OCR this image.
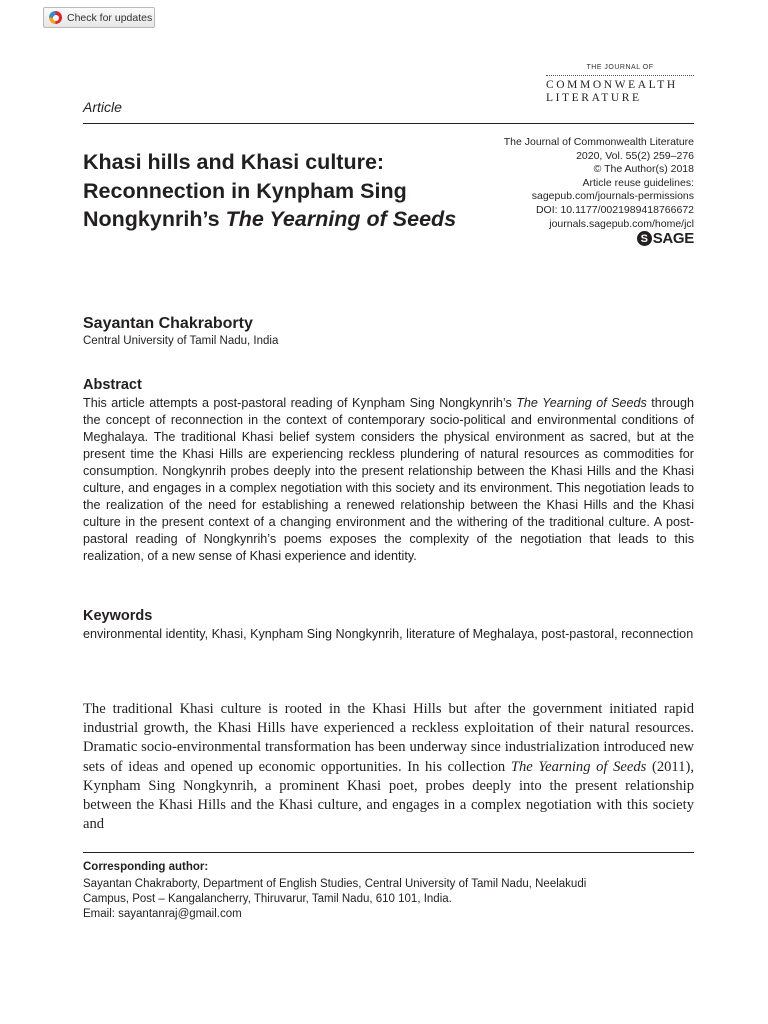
Check for updates
THE JOURNAL OF
COMMONWEALTH
LITERATURE
Article
The Journal of Commonwealth Literature
2020, Vol. 55(2) 259–276
© The Author(s) 2018
Article reuse guidelines:
sagepub.com/journals-permissions
DOI: 10.1177/0021989418766672
journals.sagepub.com/home/jcl
S SAGE
Khasi hills and Khasi culture: Reconnection in Kynpham Sing Nongkynrih’s The Yearning of Seeds
Sayantan Chakraborty
Central University of Tamil Nadu, India
Abstract

This article attempts a post-pastoral reading of Kynpham Sing Nongkynrih’s The Yearning of Seeds through the concept of reconnection in the context of contemporary socio-political and environmental conditions of Meghalaya. The traditional Khasi belief system considers the physical environment as sacred, but at the present time the Khasi Hills are experiencing reckless plundering of natural resources as commodities for consumption. Nongkynrih probes deeply into the present relationship between the Khasi Hills and the Khasi culture, and engages in a complex negotiation with this society and its environment. This negotiation leads to the realization of the need for establishing a renewed relationship between the Khasi Hills and the Khasi culture in the present context of a changing environment and the withering of the traditional culture. A post-pastoral reading of Nongkynrih’s poems exposes the complexity of the negotiation that leads to this realization, of a new sense of Khasi experience and identity.

Keywords

environmental identity, Khasi, Kynpham Sing Nongkynrih, literature of Meghalaya, post-pastoral, reconnection

The traditional Khasi culture is rooted in the Khasi Hills but after the government initiated rapid industrial growth, the Khasi Hills have experienced a reckless exploitation of their natural resources. Dramatic socio-environmental transformation has been underway since industrialization introduced new sets of ideas and opened up economic opportunities. In his collection The Yearning of Seeds (2011), Kynpham Sing Nongkynrih, a prominent Khasi poet, probes deeply into the present relationship between the Khasi Hills and the Khasi culture, and engages in a complex negotiation with this society and

Corresponding author:
Sayantan Chakraborty, Department of English Studies, Central University of Tamil Nadu, Neelakudi
Campus, Post – Kangalancherry, Thiruvarur, Tamil Nadu, 610 101, India.
Email: sayantanraj@gmail.com
